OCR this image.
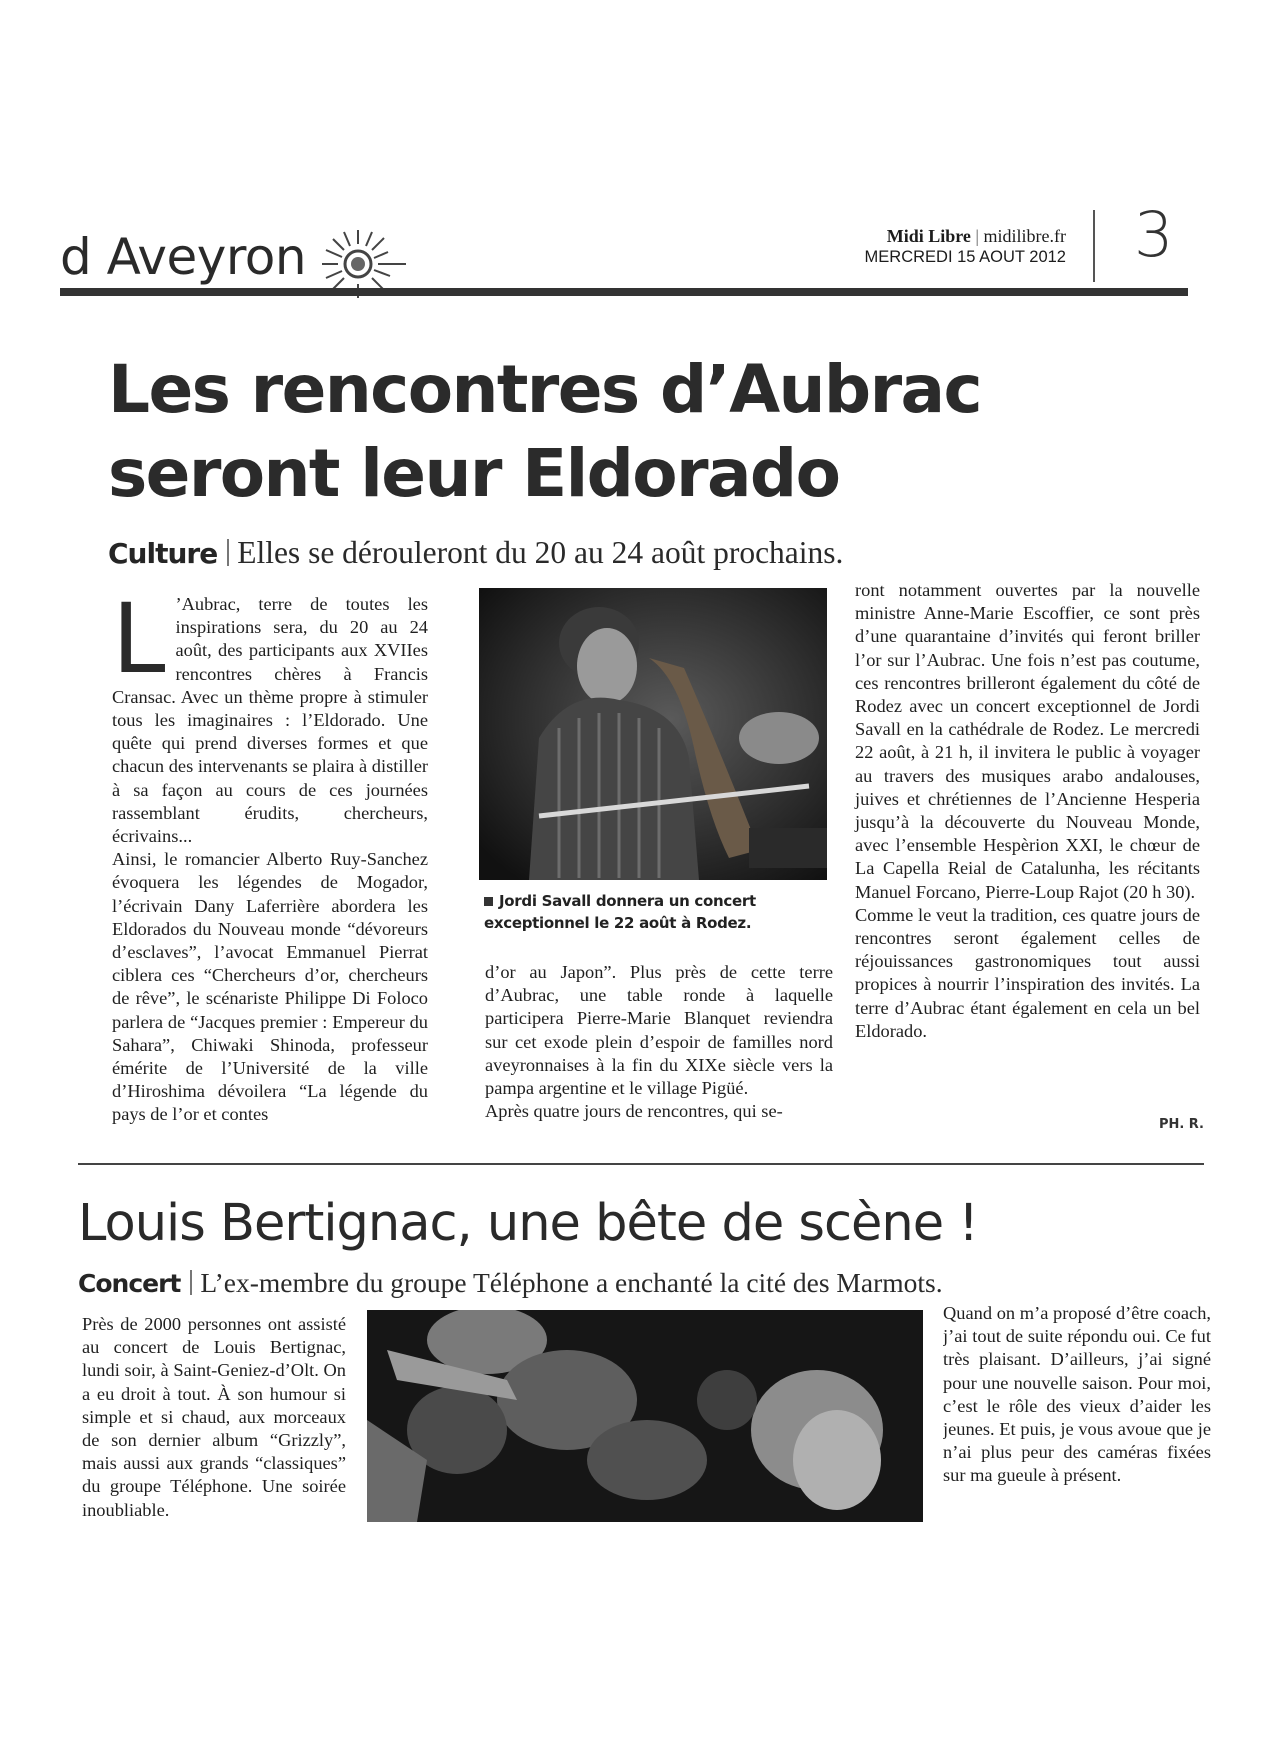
d Aveyron	Midi Libre | midilibre.fr
MERCREDI 15 AOUT 2012 3
Les rencontres d’Aubrac
seront leur Eldorado
Culture Elles se dérouleront du 20 au 24 août prochains.

L ’Aubrac, terre de toutes les inspirations sera, du 20 au 24 août, des participants aux XVIIes rencontres chères à Francis Cransac. Avec un thème propre à stimuler tous les imaginaires : l’Eldorado. Une quête qui prend diverses formes et que chacun des intervenants se plaira à distiller à sa façon au cours de ces journées rassemblant érudits, chercheurs, écrivains...

Ainsi, le romancier Alberto Ruy-Sanchez évoquera les légendes de Mogador, l’écrivain Dany Laferrière abordera les Eldorados du Nouveau monde “dévoreurs d’esclaves”, l’avocat Emmanuel Pierrat ciblera ces “Chercheurs d’or, chercheurs de rêve”, le scénariste Philippe Di Foloco parlera de “Jacques premier : Empereur du Sahara”, Chiwaki Shinoda, professeur émérite de l’Université de la ville d’Hiroshima dévoilera “La légende du pays de l’or et contes

Jordi Savall donnera un concert exceptionnel le 22 août à Rodez.

d’or au Japon”. Plus près de cette terre d’Aubrac, une table ronde à laquelle participera Pierre-Marie Blanquet reviendra sur cet exode plein d’espoir de familles nord aveyronnaises à la fin du XIXe siècle vers la pampa argentine et le village Pigüé.

Après quatre jours de rencontres, qui se-

ront notamment ouvertes par la nouvelle ministre Anne-Marie Escoffier, ce sont près d’une quarantaine d’invités qui feront briller l’or sur l’Aubrac. Une fois n’est pas coutume, ces rencontres brilleront également du côté de Rodez avec un concert exceptionnel de Jordi Savall en la cathédrale de Rodez. Le mercredi 22 août, à 21 h, il invitera le public à voyager au travers des musiques arabo andalouses, juives et chrétiennes de l’Ancienne Hesperia jusqu’à la découverte du Nouveau Monde, avec l’ensemble Hespèrion XXI, le chœur de La Capella Reial de Catalunha, les récitants Manuel Forcano, Pierre-Loup Rajot (20 h 30).

Comme le veut la tradition, ces quatre jours de rencontres seront également celles de réjouissances gastronomiques tout aussi propices à nourrir l’inspiration des invités. La terre d’Aubrac étant également en cela un bel Eldorado.

PH. R.
Louis Bertignac, une bête de scène !
Concert L’ex-membre du groupe Téléphone a enchanté la cité des Marmots.

Près de 2000 personnes ont assisté au concert de Louis Bertignac, lundi soir, à Saint-Geniez-d’Olt. On a eu droit à tout. À son humour si simple et si chaud, aux morceaux de son dernier album “Grizzly”, mais aussi aux grands “classiques” du groupe Téléphone. Une soirée inoubliable.

Quand on m’a proposé d’être coach, j’ai tout de suite répondu oui. Ce fut très plaisant. D’ailleurs, j’ai signé pour une nouvelle saison. Pour moi, c’est le rôle des vieux d’aider les jeunes. Et puis, je vous avoue que je n’ai plus peur des caméras fixées sur ma gueule à présent.
